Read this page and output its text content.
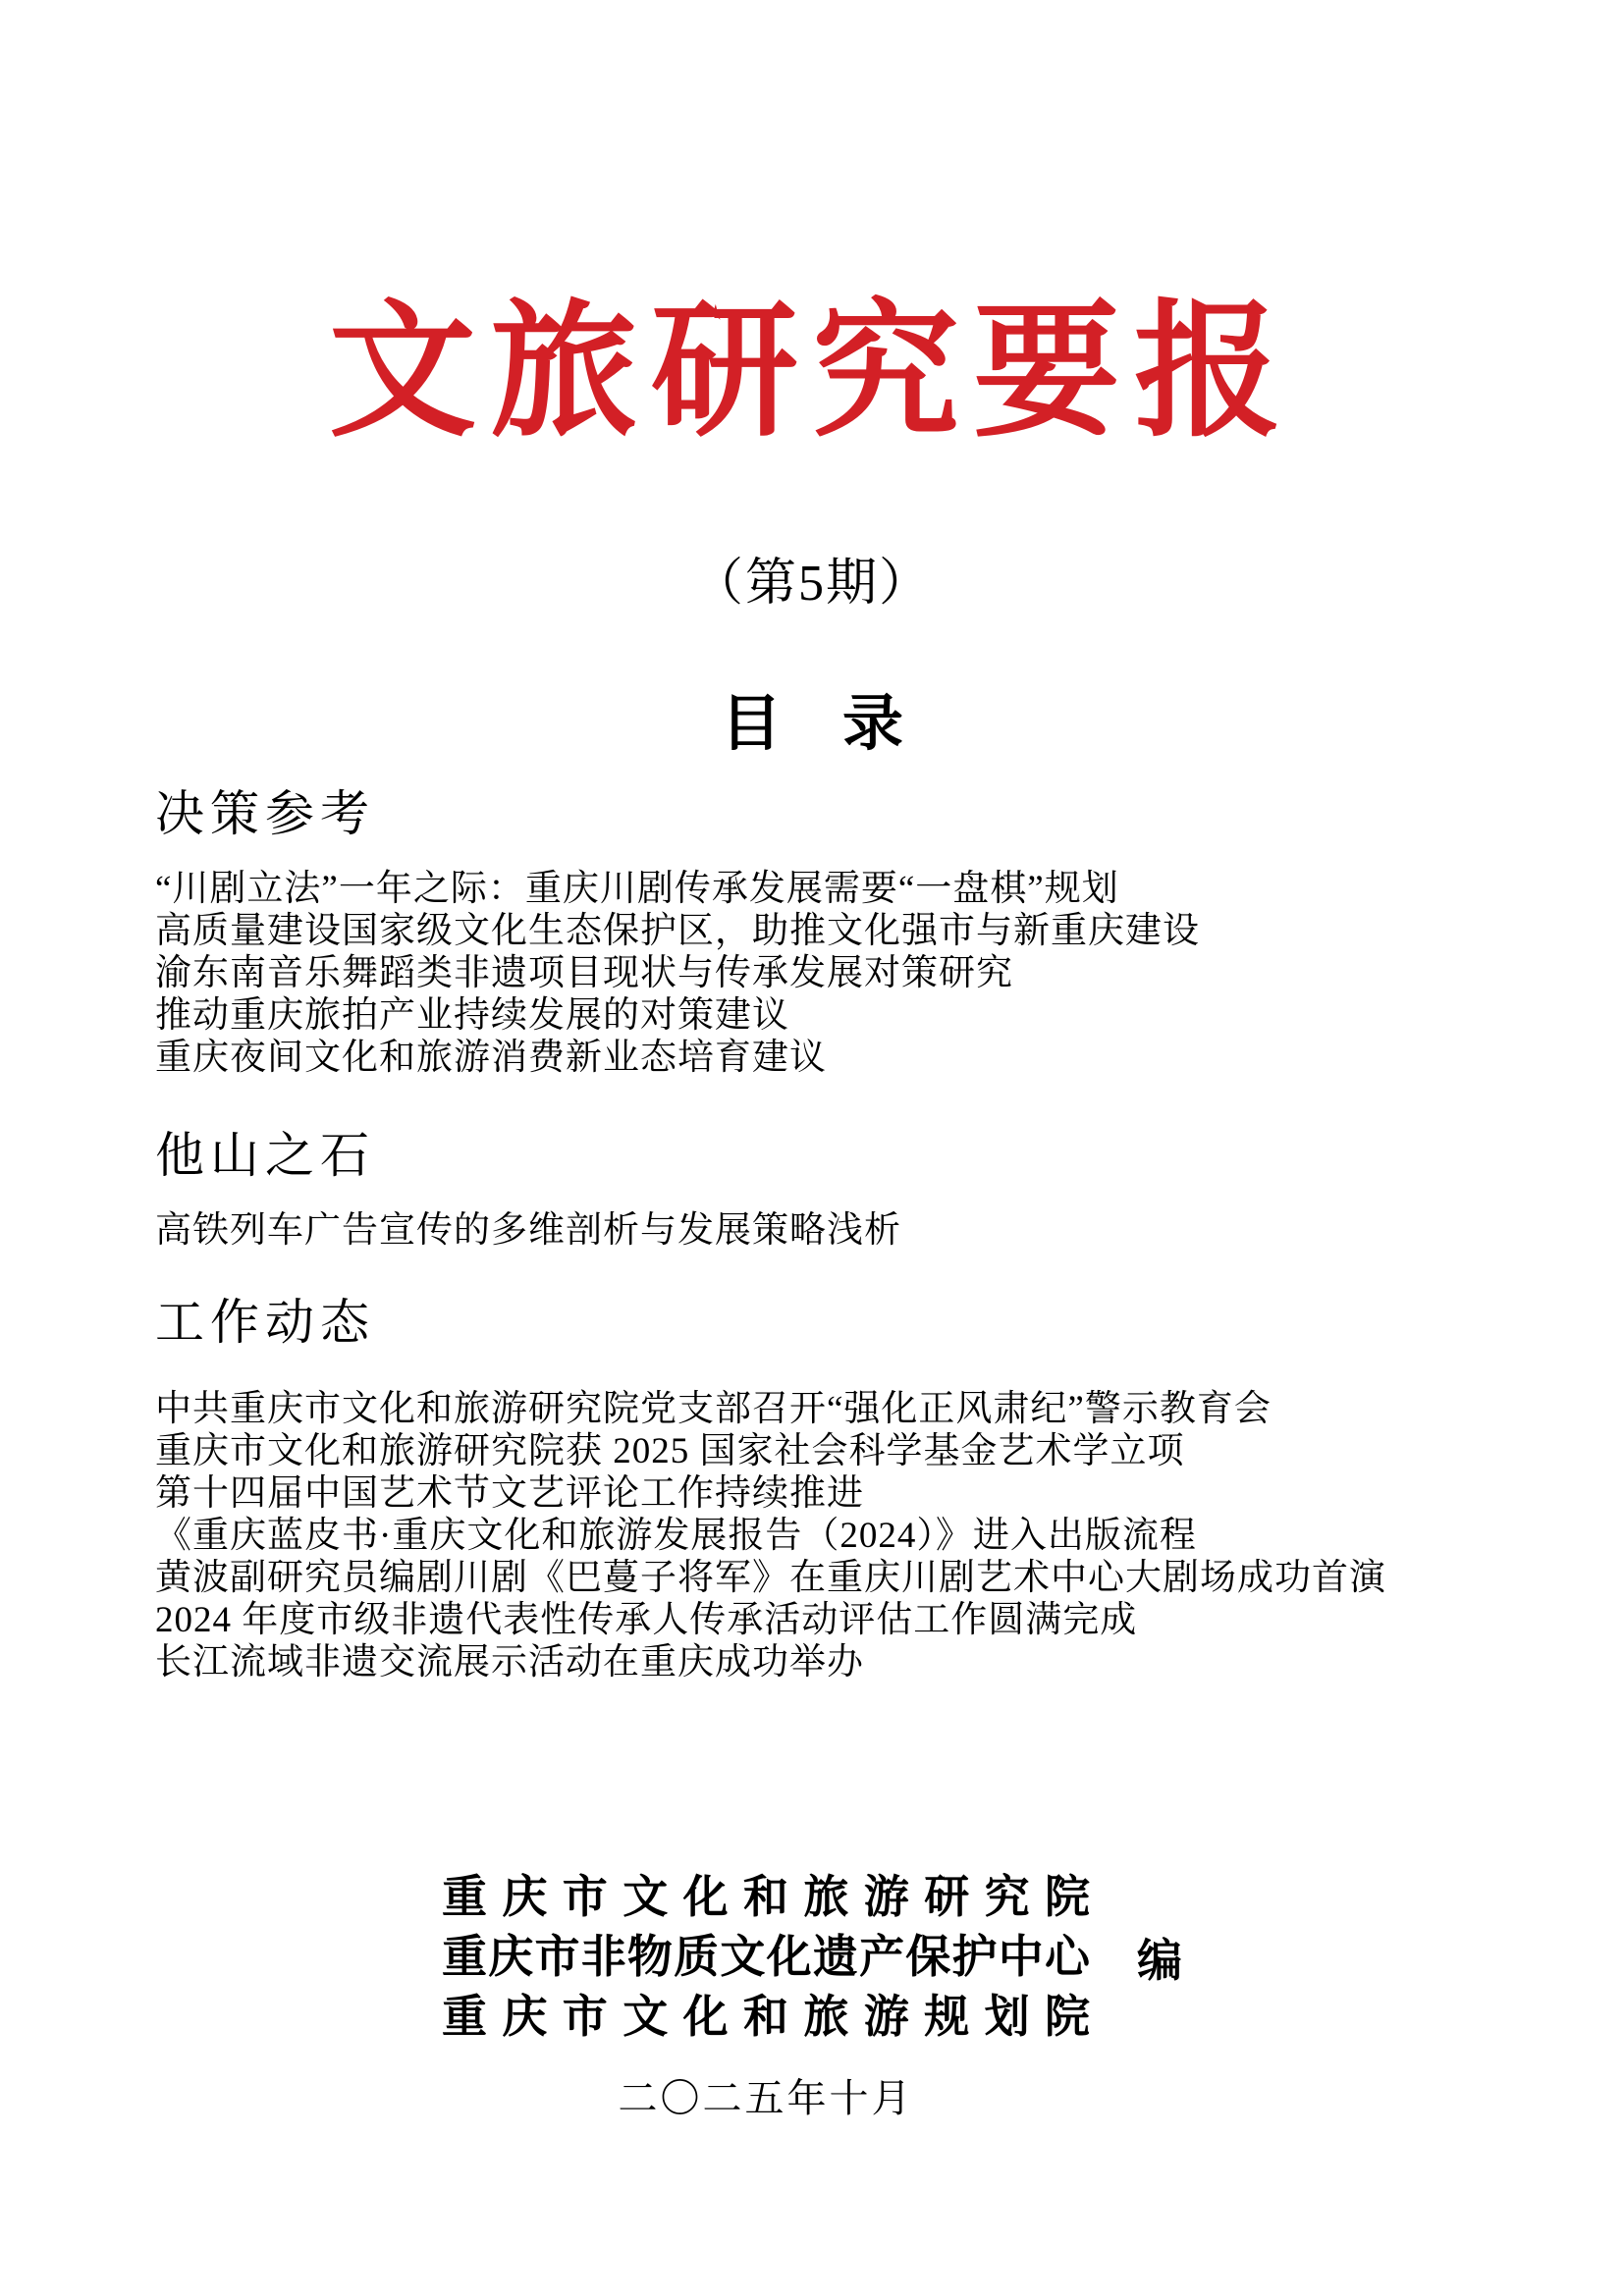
文旅研究要报
（第5期）
目　录
决策参考
“川剧立法”一年之际：重庆川剧传承发展需要“一盘棋”规划
高质量建设国家级文化生态保护区，助推文化强市与新重庆建设
渝东南音乐舞蹈类非遗项目现状与传承发展对策研究
推动重庆旅拍产业持续发展的对策建议
重庆夜间文化和旅游消费新业态培育建议
他山之石
高铁列车广告宣传的多维剖析与发展策略浅析
工作动态
中共重庆市文化和旅游研究院党支部召开“强化正风肃纪”警示教育会
重庆市文化和旅游研究院获 2025 国家社会科学基金艺术学立项
第十四届中国艺术节文艺评论工作持续推进
《重庆蓝皮书·重庆文化和旅游发展报告（2024）》进入出版流程
黄波副研究员编剧川剧《巴蔓子将军》在重庆川剧艺术中心大剧场成功首演
2024 年度市级非遗代表性传承人传承活动评估工作圆满完成
长江流域非遗交流展示活动在重庆成功举办
重庆市文化和旅游研究院
重庆市非物质文化遗产保护中心
重庆市文化和旅游规划院
编
二〇二五年十月
